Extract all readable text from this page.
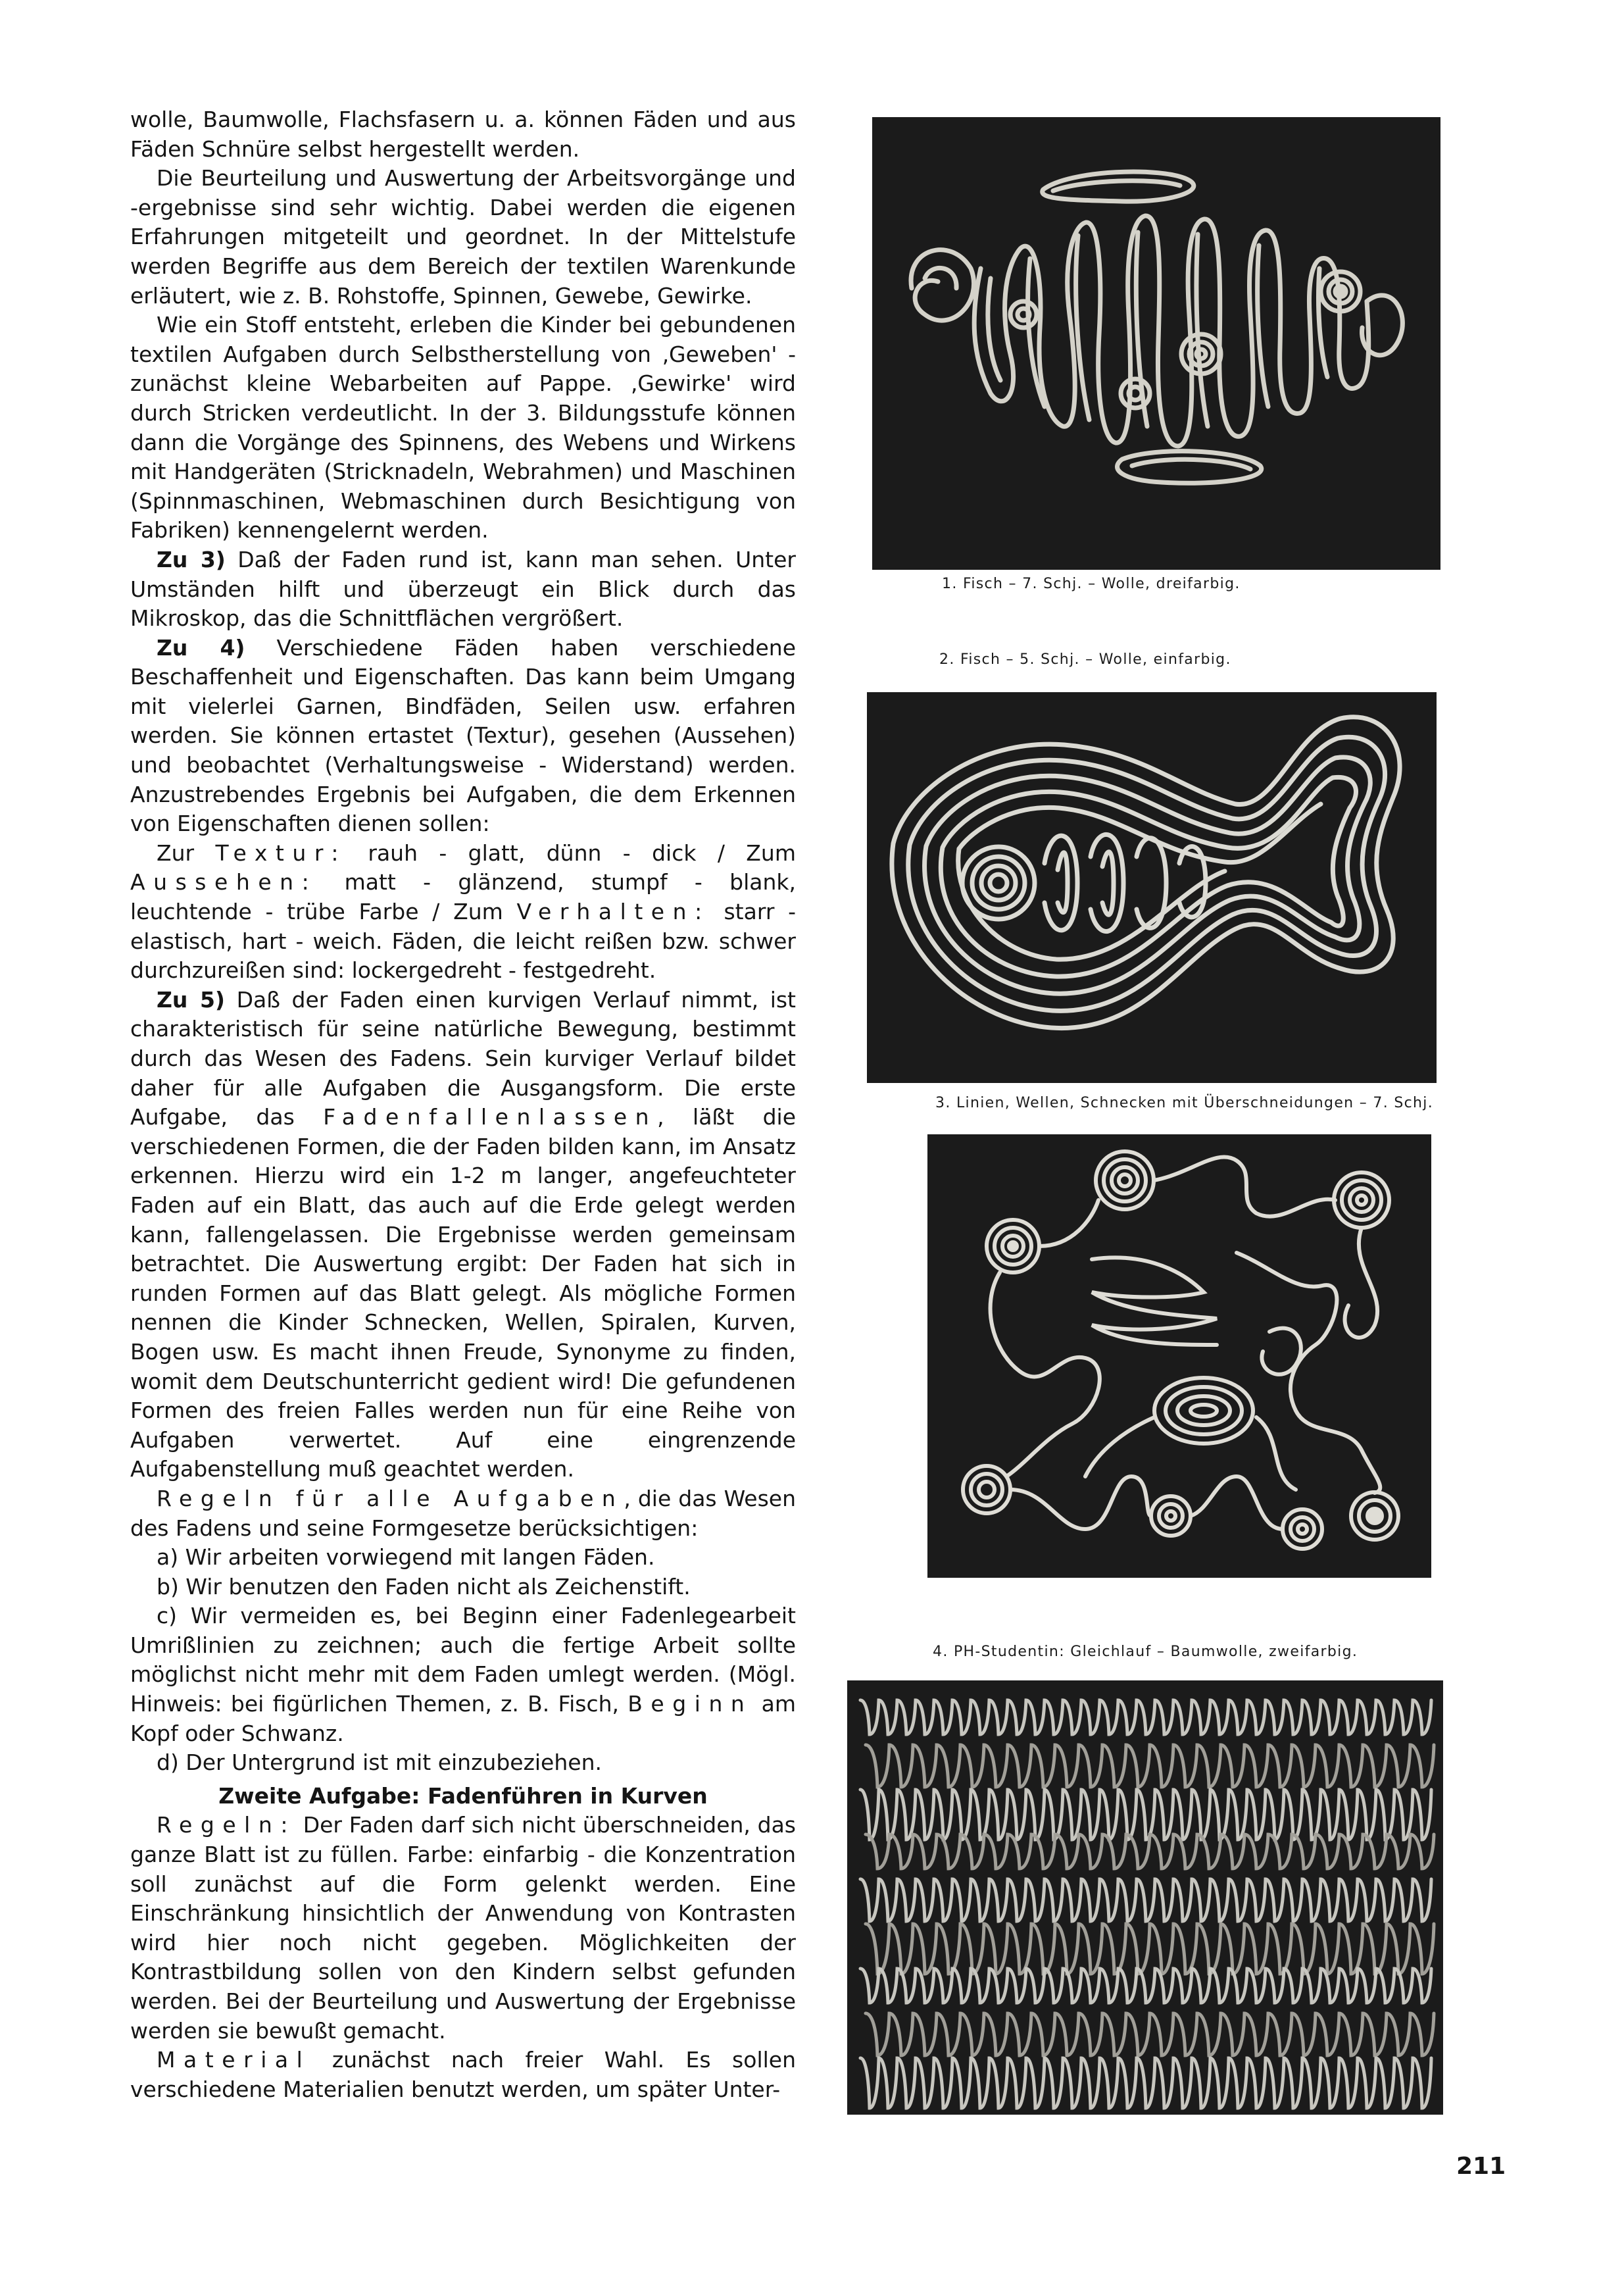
wolle, Baumwolle, Flachsfasern u. a. können Fäden und aus Fäden Schnüre selbst hergestellt werden.

Die Beurteilung und Auswertung der Arbeitsvorgänge und -ergebnisse sind sehr wichtig. Dabei werden die eigenen Erfahrungen mitgeteilt und geordnet. In der Mittelstufe werden Begriffe aus dem Bereich der textilen Warenkunde erläutert, wie z. B. Rohstoffe, Spinnen, Gewebe, Gewirke.

Wie ein Stoff entsteht, erleben die Kinder bei gebundenen textilen Aufgaben durch Selbstherstellung von ‚Geweben' - zunächst kleine Webarbeiten auf Pappe. ‚Gewirke' wird durch Stricken verdeutlicht. In der 3. Bildungsstufe können dann die Vorgänge des Spinnens, des Webens und Wirkens mit Handgeräten (Stricknadeln, Webrahmen) und Maschinen (Spinnmaschinen, Webmaschinen durch Besichtigung von Fabriken) kennengelernt werden.

Zu 3) Daß der Faden rund ist, kann man sehen. Unter Umständen hilft und überzeugt ein Blick durch das Mikroskop, das die Schnittflächen vergrößert.

Zu 4) Verschiedene Fäden haben verschiedene Beschaffenheit und Eigenschaften. Das kann beim Umgang mit vielerlei Garnen, Bindfäden, Seilen usw. erfahren werden. Sie können ertastet (Textur), gesehen (Aussehen) und beobachtet (Verhaltungsweise - Widerstand) werden. Anzustrebendes Ergebnis bei Aufgaben, die dem Erkennen von Eigenschaften dienen sollen:

Zur Textur: rauh - glatt, dünn - dick / Zum Aussehen: matt - glänzend, stumpf - blank, leuchtende - trübe Farbe / Zum Verhalten: starr - elastisch, hart - weich. Fäden, die leicht reißen bzw. schwer durchzureißen sind: lockergedreht - festgedreht.

Zu 5) Daß der Faden einen kurvigen Verlauf nimmt, ist charakteristisch für seine natürliche Bewegung, bestimmt durch das Wesen des Fadens. Sein kurviger Verlauf bildet daher für alle Aufgaben die Ausgangsform. Die erste Aufgabe, das Fadenfallenlassen, läßt die verschiedenen Formen, die der Faden bilden kann, im Ansatz erkennen. Hierzu wird ein 1-2 m langer, angefeuchteter Faden auf ein Blatt, das auch auf die Erde gelegt werden kann, fallengelassen. Die Ergebnisse werden gemeinsam betrachtet. Die Auswertung ergibt: Der Faden hat sich in runden Formen auf das Blatt gelegt. Als mögliche Formen nennen die Kinder Schnecken, Wellen, Spiralen, Kurven, Bogen usw. Es macht ihnen Freude, Synonyme zu finden, womit dem Deutschunterricht gedient wird! Die gefundenen Formen des freien Falles werden nun für eine Reihe von Aufgaben verwertet. Auf eine eingrenzende Aufgabenstellung muß geachtet werden.

Regeln für alle Aufgaben, die das Wesen des Fadens und seine Formgesetze berücksichtigen:

a) Wir arbeiten vorwiegend mit langen Fäden.

b) Wir benutzen den Faden nicht als Zeichenstift.

c) Wir vermeiden es, bei Beginn einer Fadenlegearbeit Umrißlinien zu zeichnen; auch die fertige Arbeit sollte möglichst nicht mehr mit dem Faden umlegt werden. (Mögl. Hinweis: bei figürlichen Themen, z. B. Fisch, Beginn am Kopf oder Schwanz.

d) Der Untergrund ist mit einzubeziehen.

Zweite Aufgabe: Fadenführen in Kurven

Regeln: Der Faden darf sich nicht überschneiden, das ganze Blatt ist zu füllen. Farbe: einfarbig - die Konzentration soll zunächst auf die Form gelenkt werden. Eine Einschränkung hinsichtlich der Anwendung von Kontrasten wird hier noch nicht gegeben. Möglichkeiten der Kontrastbildung sollen von den Kindern selbst gefunden werden. Bei der Beurteilung und Auswertung der Ergebnisse werden sie bewußt gemacht.

Material zunächst nach freier Wahl. Es sollen verschiedene Materialien benutzt werden, um später Unter-

1. Fisch – 7. Schj. – Wolle, dreifarbig.
2. Fisch – 5. Schj. – Wolle, einfarbig.
3. Linien, Wellen, Schnecken mit Überschneidungen – 7. Schj.
4. PH-Studentin: Gleichlauf – Baumwolle, zweifarbig.
211
